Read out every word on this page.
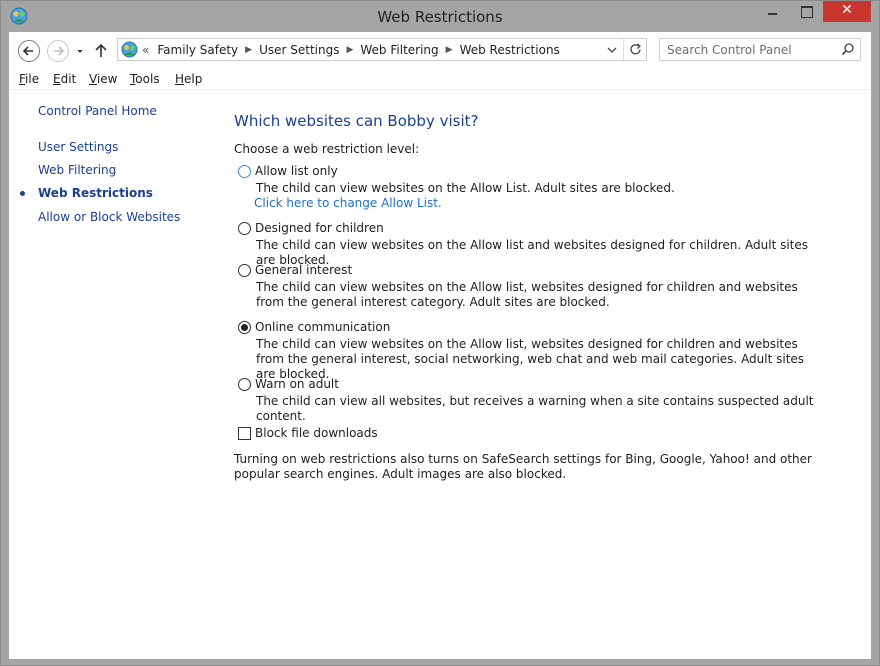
Web Restrictions	✕
« Family Safety ▶ User Settings ▶ Web Filtering ▶ Web Restrictions
Search Control Panel
File Edit View Tools Help
Control Panel Home
User Settings
Web Filtering
Web Restrictions
Allow or Block Websites
Which websites can Bobby visit?
Choose a web restriction level:
Allow list only
The child can view websites on the Allow List. Adult sites are blocked.
Click here to change Allow List.
Designed for children
The child can view websites on the Allow list and websites designed for children. Adult sites are blocked.
General interest
The child can view websites on the Allow list, websites designed for children and websites from the general interest category. Adult sites are blocked.
Online communication
The child can view websites on the Allow list, websites designed for children and websites from the general interest, social networking, web chat and web mail categories. Adult sites are blocked.
Warn on adult
The child can view all websites, but receives a warning when a site contains suspected adult content.
Block file downloads
Turning on web restrictions also turns on SafeSearch settings for Bing, Google, Yahoo! and other popular search engines. Adult images are also blocked.
